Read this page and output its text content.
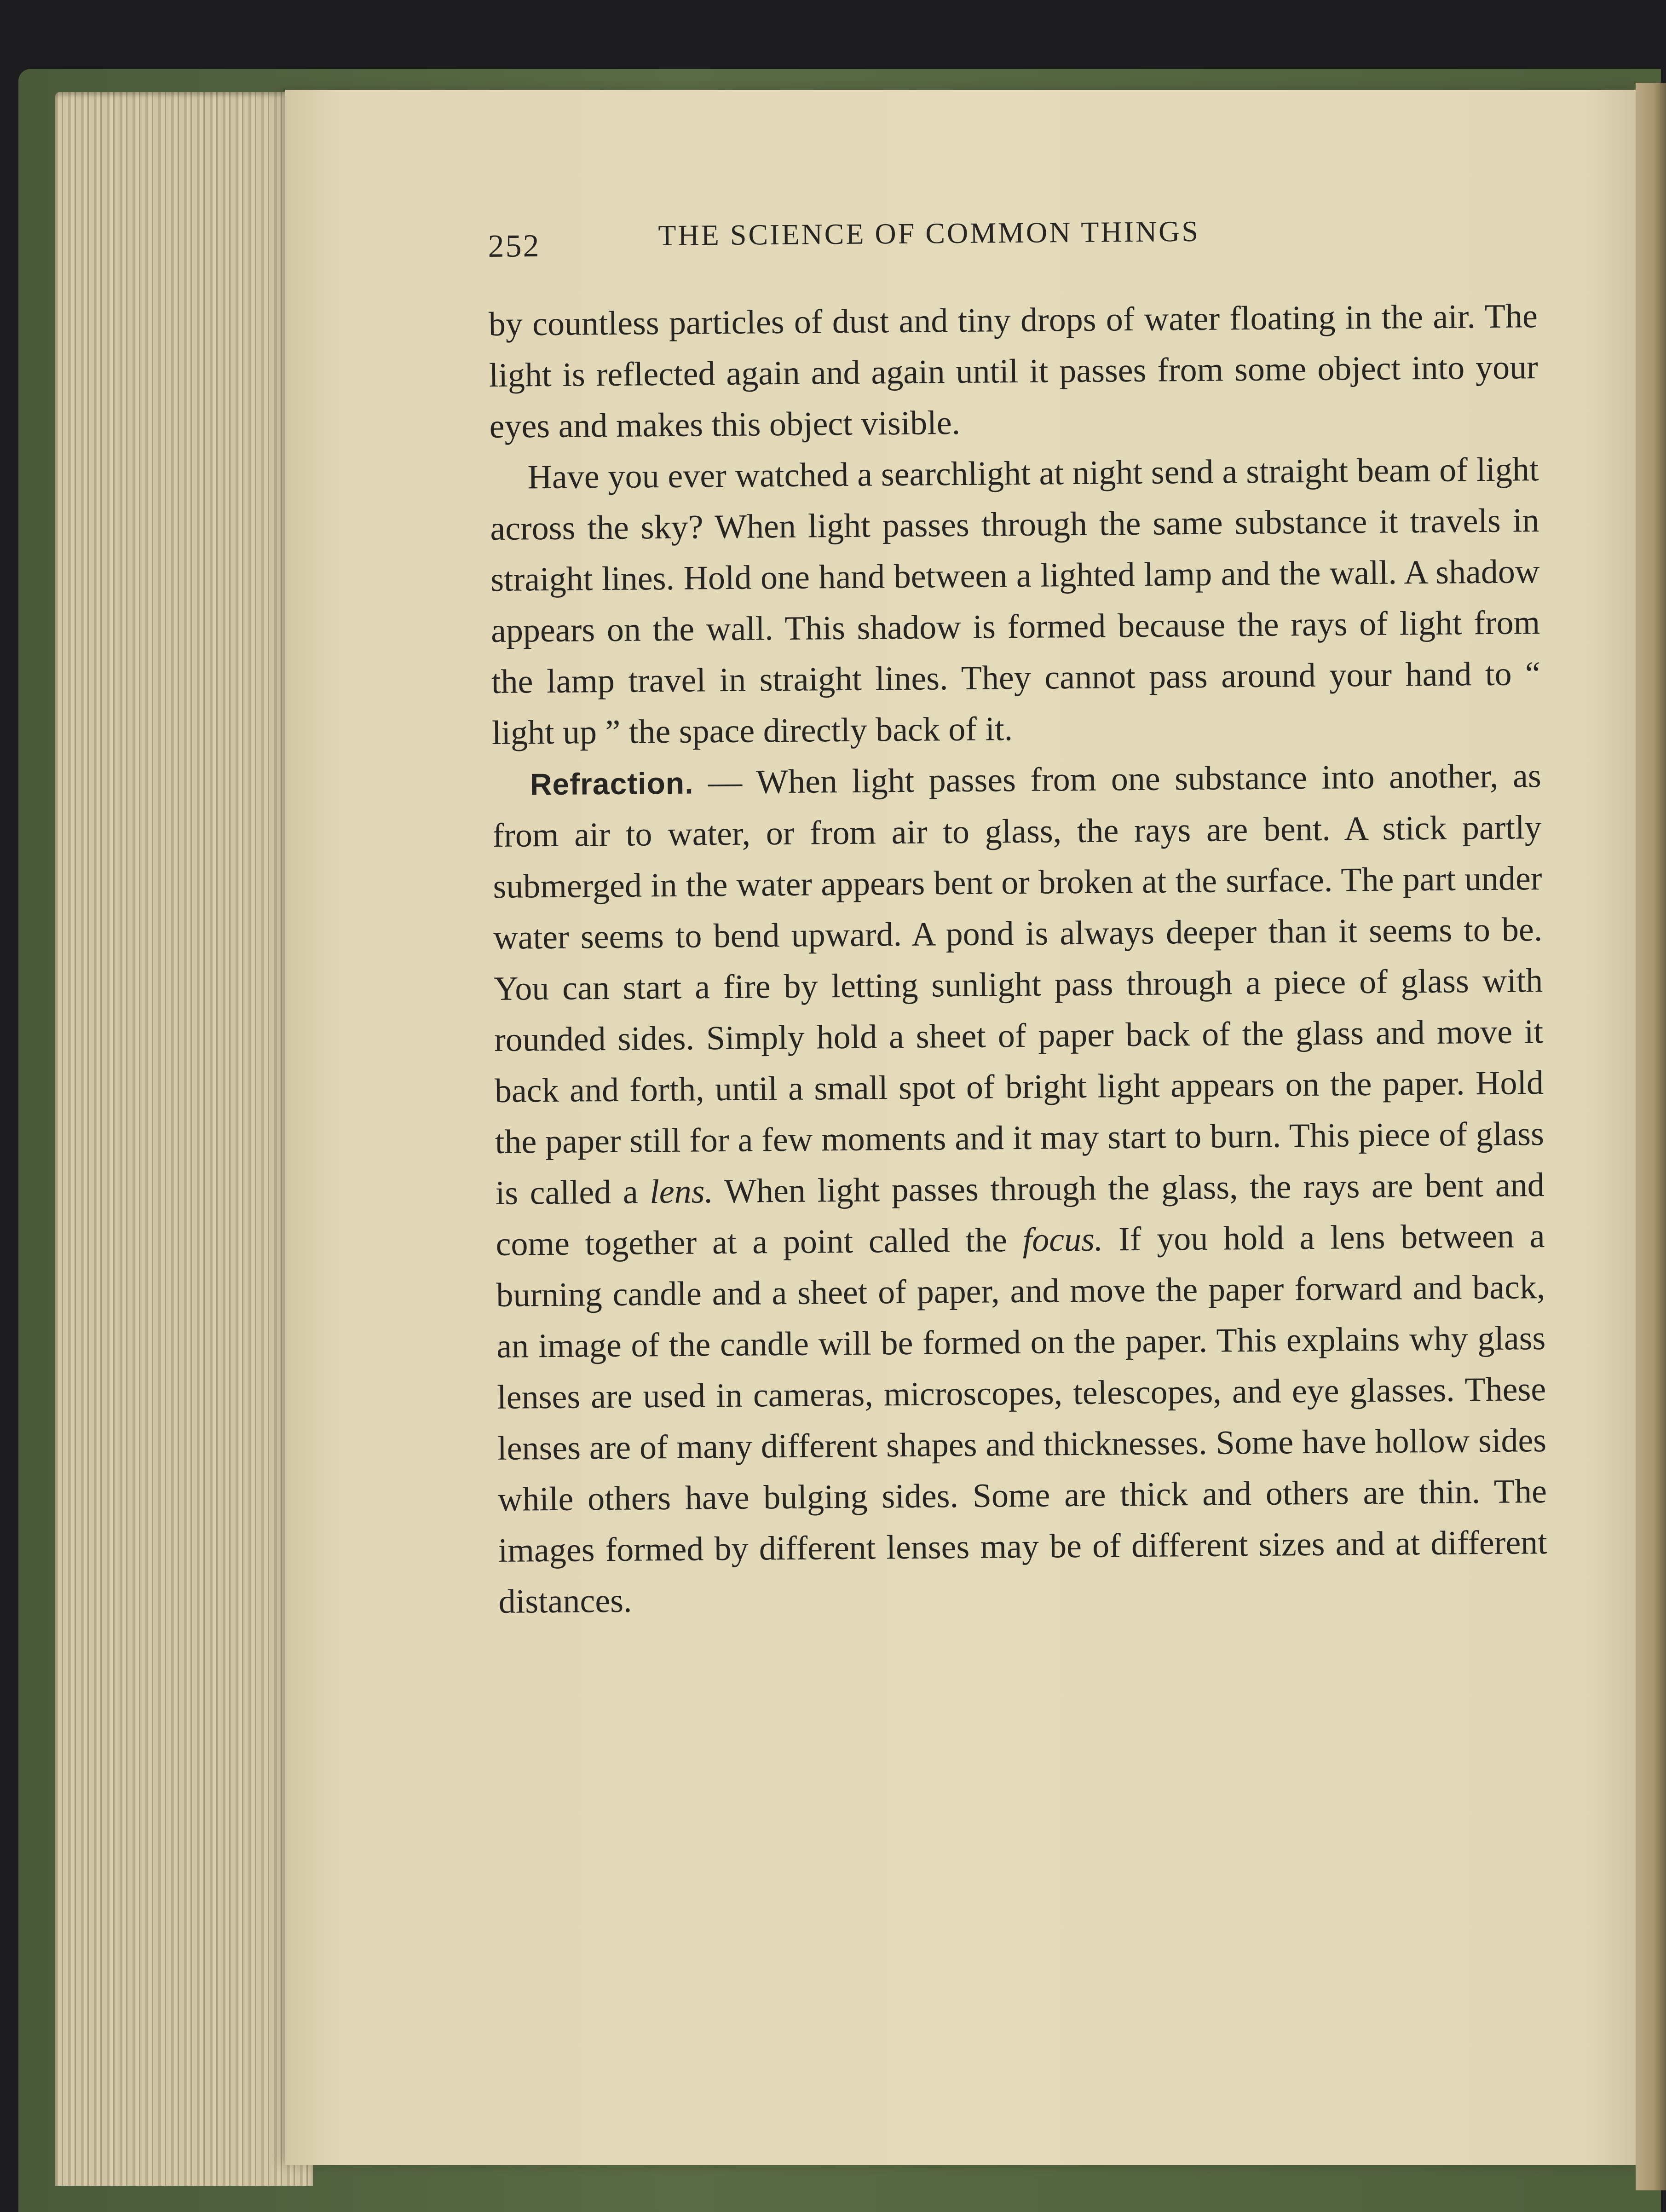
252	THE SCIENCE OF COMMON THINGS

by countless particles of dust and tiny drops of water floating in the air. The light is reflected again and again until it passes from some object into your eyes and makes this object visible.

Have you ever watched a searchlight at night send a straight beam of light across the sky? When light passes through the same substance it travels in straight lines. Hold one hand between a lighted lamp and the wall. A shadow appears on the wall. This shadow is formed because the rays of light from the lamp travel in straight lines. They cannot pass around your hand to “ light up ” the space directly back of it.

Refraction. — When light passes from one substance into another, as from air to water, or from air to glass, the rays are bent. A stick partly submerged in the water appears bent or broken at the surface. The part under water seems to bend upward. A pond is always deeper than it seems to be. You can start a fire by letting sunlight pass through a piece of glass with rounded sides. Simply hold a sheet of paper back of the glass and move it back and forth, until a small spot of bright light appears on the paper. Hold the paper still for a few moments and it may start to burn. This piece of glass is called a lens. When light passes through the glass, the rays are bent and come together at a point called the focus. If you hold a lens between a burning candle and a sheet of paper, and move the paper forward and back, an image of the candle will be formed on the paper. This explains why glass lenses are used in cameras, microscopes, telescopes, and eye glasses. These lenses are of many different shapes and thicknesses. Some have hollow sides while others have bulging sides. Some are thick and others are thin. The images formed by different lenses may be of different sizes and at different distances.
